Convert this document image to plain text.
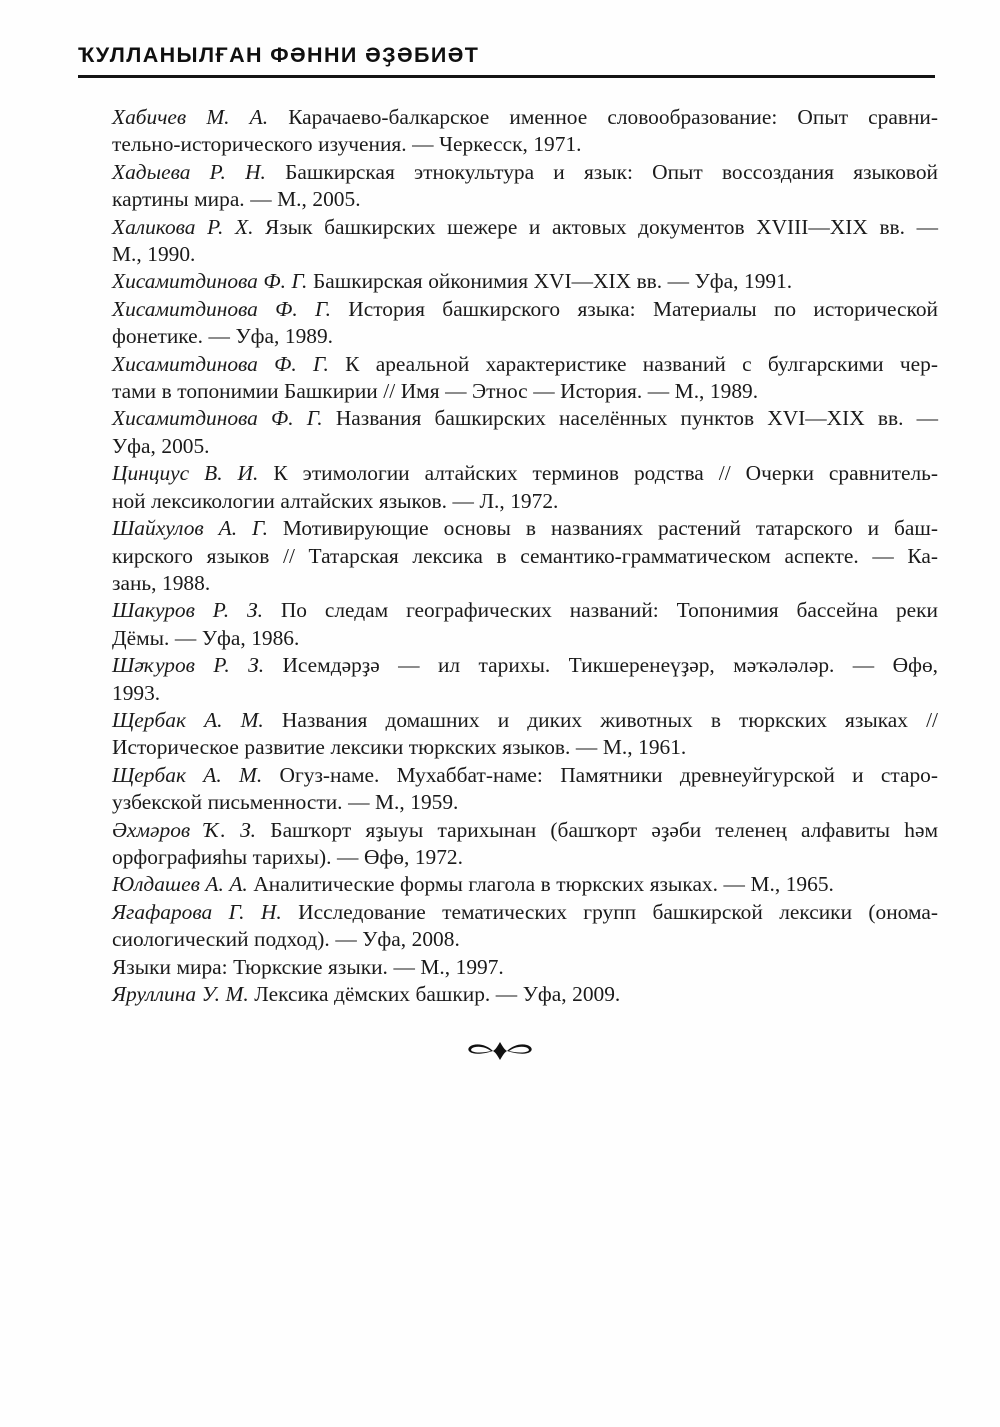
ҠУЛЛАНЫЛҒАН ФӘННИ ӘҘӘБИӘТ

Хабичев М. А. Карачаево-балкарское именное словообразование: Опыт сравни-
тельно-исторического изучения. — Черкесск, 1971.

Хадыева Р. Н. Башкирская этнокультура и язык: Опыт воссоздания языковой
картины мира. — М., 2005.

Халикова Р. Х. Язык башкирских шежере и актовых документов XVIII—XIX вв. —
М., 1990.

Хисамитдинова Ф. Г. Башкирская ойконимия XVI—XIX вв. — Уфа, 1991.

Хисамитдинова Ф. Г. История башкирского языка: Материалы по исторической
фонетике. — Уфа, 1989.

Хисамитдинова Ф. Г. К ареальной характеристике названий с булгарскими чер-
тами в топонимии Башкирии // Имя — Этнос — История. — М., 1989.

Хисамитдинова Ф. Г. Названия башкирских населённых пунктов XVI—XIX вв. —
Уфа, 2005.

Цинциус В. И. К этимологии алтайских терминов родства // Очерки сравнитель-
ной лексикологии алтайских языков. — Л., 1972.

Шайхулов А. Г. Мотивирующие основы в названиях растений татарского и баш-
кирского языков // Татарская лексика в семантико-грамматическом аспекте. — Ка-
зань, 1988.

Шакуров Р. З. По следам географических названий: Топонимия бассейна реки
Дёмы. — Уфа, 1986.

Шәҡуров Р. З. Исемдәрҙә — ил тарихы. Тикшеренеүҙәр, мәҡәләләр. — Өфө,
1993.

Щербак А. М. Названия домашних и диких животных в тюркских языках //
Историческое развитие лексики тюркских языков. — М., 1961.

Щербак А. М. Огуз-наме. Мухаббат-наме: Памятники древнеуйгурской и старо-
узбекской письменности. — М., 1959.

Әхмәров Ҡ. З. Башҡорт яҙыуы тарихынан (башҡорт әҙәби теленең алфавиты һәм
орфографияһы тарихы). — Өфө, 1972.

Юлдашев А. А. Аналитические формы глагола в тюркских языках. — М., 1965.

Ягафарова Г. Н. Исследование тематических групп башкирской лексики (онома-
сиологический подход). — Уфа, 2008.

Языки мира: Тюркские языки. — М., 1997.

Яруллина У. М. Лексика дёмских башкир. — Уфа, 2009.
